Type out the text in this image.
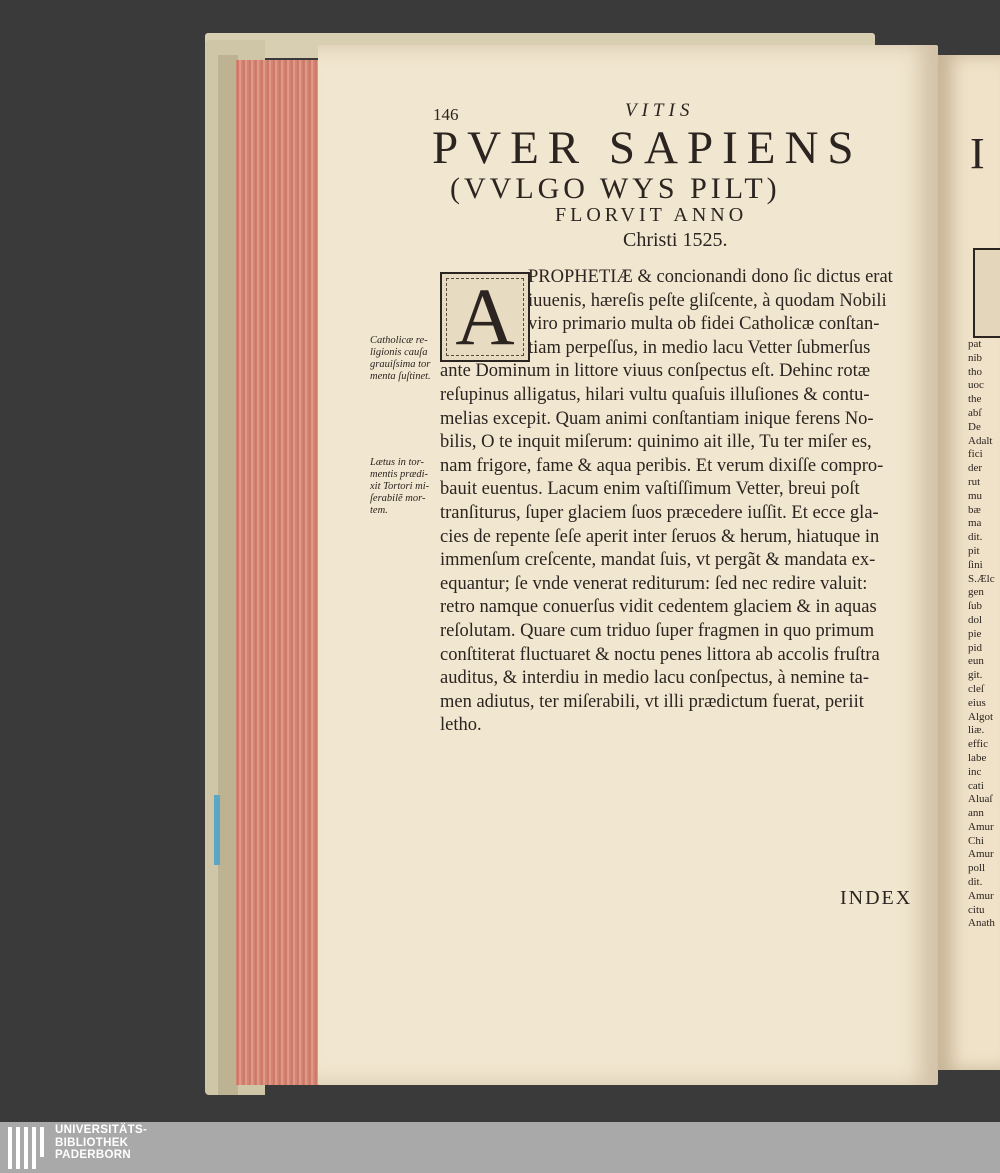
146	VITIS
PVER SAPIENS
(VVLGO WYS PILT)
FLORVIT ANNO
Christi 1525.
A PROPHETIÆ & concionandi dono ſic dictus erat
iuuenis, hæreſis peſte gliſcente, à quodam Nobili
viro primario multa ob fidei Catholicæ conſtan-
tiam perpeſſus, in medio lacu Vetter ſubmerſus
ante Dominum in littore viuus conſpectus eſt. Dehinc rotæ
reſupinus alligatus, hilari vultu quaſuis illuſiones & contu-
melias excepit. Quam animi conſtantiam inique ferens No-
bilis, O te inquit miſerum: quinimo ait ille, Tu ter miſer es,
nam frigore, fame & aqua peribis. Et verum dixiſſe compro-
bauit euentus. Lacum enim vaſtiſſimum Vetter, breui poſt
tranſiturus, ſuper glaciem ſuos præcedere iuſſit. Et ecce gla-
cies de repente ſeſe aperit inter ſeruos & herum, hiatuque in
immenſum creſcente, mandat ſuis, vt pergãt & mandata ex-
equantur; ſe vnde venerat rediturum: ſed nec redire valuit:
retro namque conuerſus vidit cedentem glaciem & in aquas
reſolutam. Quare cum triduo ſuper fragmen in quo primum
conſtiterat fluctuaret & noctu penes littora ab accolis fruſtra
auditus, & interdiu in medio lacu conſpectus, à nemine ta-
men adiutus, ter miſerabili, vt illi prædictum fuerat, periit
letho.
Catholicæ re-
ligionis cauſa
grauiſsima tor
menta ſuſtinet.
Lætus in tor-
mentis prædi-
xit Tortori mi-
ſerabilẽ mor-
tem.
INDEX
I
pat
nib
tho
uoc
the
abſ
De
Adalt
fici
der
rut
mu
bæ
ma
dit.
pit
ſini
S.Ælc
gen
ſub
dol
pie
pid
eun
git.
cleſ
eius
Algot
liæ.
effic
labe
inc
cati
Aluaſ
ann
Amur
Chi
Amur
poll
dit.
Amur
citu
Anath
UNIVERSITÄTS-
BIBLIOTHEK
PADERBORN
